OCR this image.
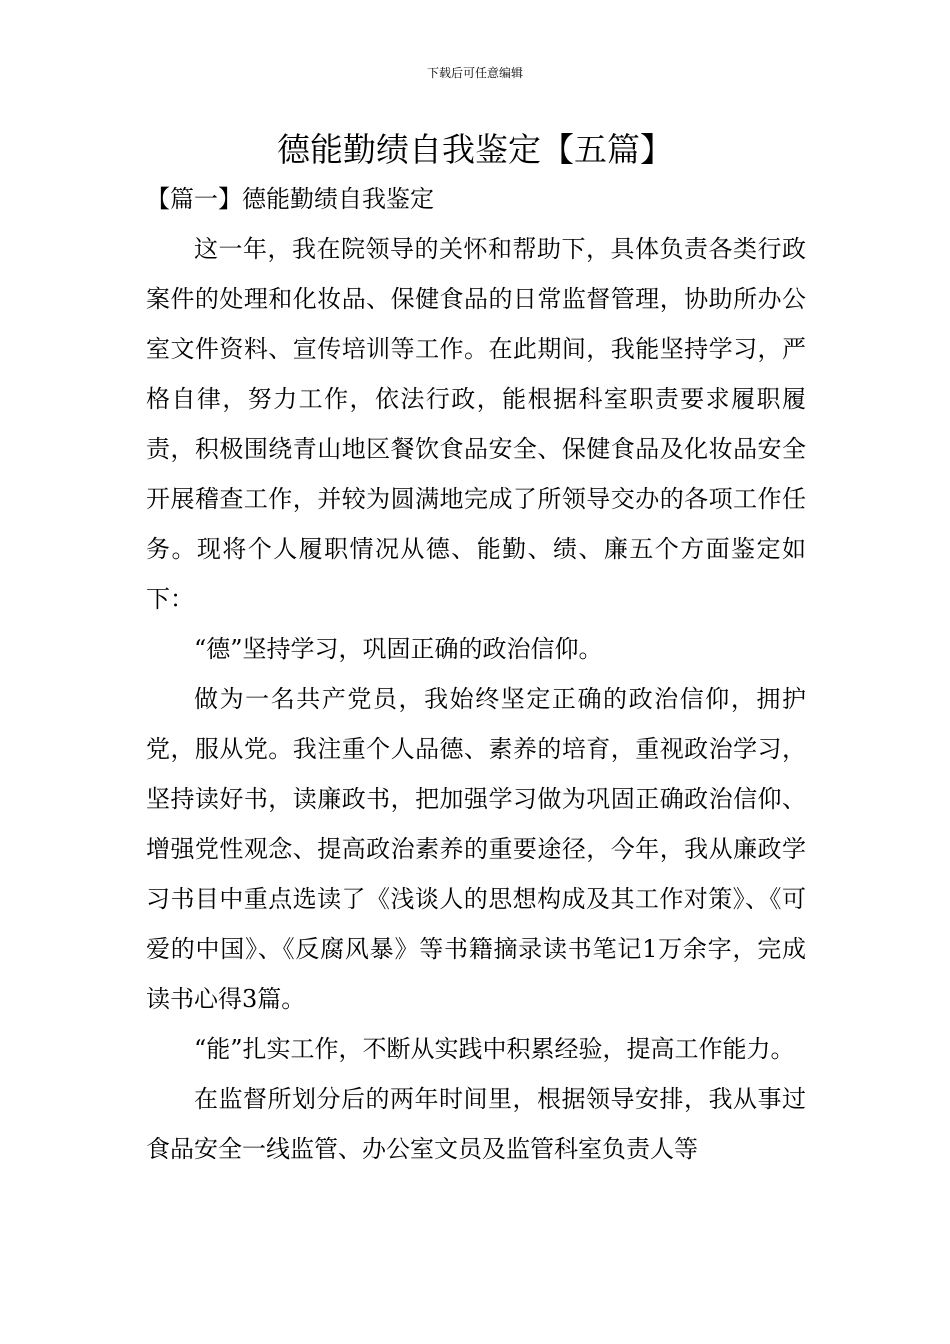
下载后可任意编辑
德能勤绩自我鉴定【五篇】
【篇一】德能勤绩自我鉴定

这一年，我在院领导的关怀和帮助下，具体负责各类行政案件的处理和化妆品、保健食品的日常监督管理，协助所办公室文件资料、宣传培训等工作。在此期间，我能坚持学习，严格自律，努力工作，依法行政，能根据科室职责要求履职履责，积极围绕青山地区餐饮食品安全、保健食品及化妆品安全开展稽查工作，并较为圆满地完成了所领导交办的各项工作任务。现将个人履职情况从德、能勤、绩、廉五个方面鉴定如下：

“德”坚持学习，巩固正确的政治信仰。

做为一名共产党员，我始终坚定正确的政治信仰，拥护党，服从党。我注重个人品德、素养的培育，重视政治学习，坚持读好书，读廉政书，把加强学习做为巩固正确政治信仰、增强党性观念、提高政治素养的重要途径，今年，我从廉政学习书目中重点选读了《浅谈人的思想构成及其工作对策》、《可爱的中国》、《反腐风暴》等书籍摘录读书笔记1万余字，完成读书心得3篇。

“能”扎实工作，不断从实践中积累经验，提高工作能力。

在监督所划分后的两年时间里，根据领导安排，我从事过食品安全一线监管、办公室文员及监管科室负责人等
